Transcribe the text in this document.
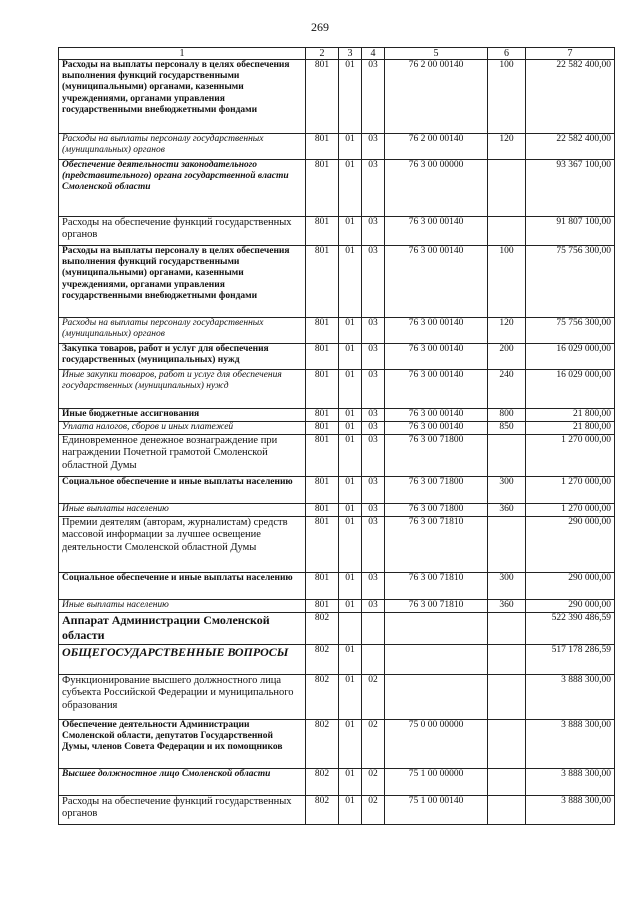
269
1	2	3	4	5	6	7
Расходы на выплаты персоналу в целях обеспечения выполнения функций государственными (муниципальными) органами, казенными учреждениями, органами управления государственными внебюджетными фондами	801	01	03	76 2 00 00140	100	22 582 400,00
Расходы на выплаты персоналу государственных (муниципальных) органов	801	01	03	76 2 00 00140	120	22 582 400,00
Обеспечение деятельности законодательного (представительного) органа государственной власти Смоленской области	801	01	03	76 3 00 00000		93 367 100,00
Расходы на обеспечение функций государственных органов	801	01	03	76 3 00 00140		91 807 100,00
Расходы на выплаты персоналу в целях обеспечения выполнения функций государственными (муниципальными) органами, казенными учреждениями, органами управления государственными внебюджетными фондами	801	01	03	76 3 00 00140	100	75 756 300,00
Расходы на выплаты персоналу государственных (муниципальных) органов	801	01	03	76 3 00 00140	120	75 756 300,00
Закупка товаров, работ и услуг для обеспечения государственных (муниципальных) нужд	801	01	03	76 3 00 00140	200	16 029 000,00
Иные закупки товаров, работ и услуг для обеспечения государственных (муниципальных) нужд	801	01	03	76 3 00 00140	240	16 029 000,00
Иные бюджетные ассигнования	801	01	03	76 3 00 00140	800	21 800,00
Уплата налогов, сборов и иных платежей	801	01	03	76 3 00 00140	850	21 800,00
Единовременное денежное вознаграждение при награждении Почетной грамотой Смоленской областной Думы	801	01	03	76 3 00 71800		1 270 000,00
Социальное обеспечение и иные выплаты населению	801	01	03	76 3 00 71800	300	1 270 000,00
Иные выплаты населению	801	01	03	76 3 00 71800	360	1 270 000,00
Премии деятелям (авторам, журналистам) средств массовой информации за лучшее освещение деятельности Смоленской областной Думы	801	01	03	76 3 00 71810		290 000,00
Социальное обеспечение и иные выплаты населению	801	01	03	76 3 00 71810	300	290 000,00
Иные выплаты населению	801	01	03	76 3 00 71810	360	290 000,00
Аппарат Администрации Смоленской области	802					522 390 486,59
ОБЩЕГОСУДАРСТВЕННЫЕ ВОПРОСЫ	802	01				517 178 286,59
Функционирование высшего должностного лица субъекта Российской Федерации и муниципального образования	802	01	02			3 888 300,00
Обеспечение деятельности Администрации Смоленской области, депутатов Государственной Думы, членов Совета Федерации и их помощников	802	01	02	75 0 00 00000		3 888 300,00
Высшее должностное лицо Смоленской области	802	01	02	75 1 00 00000		3 888 300,00
Расходы на обеспечение функций государственных органов	802	01	02	75 1 00 00140		3 888 300,00
